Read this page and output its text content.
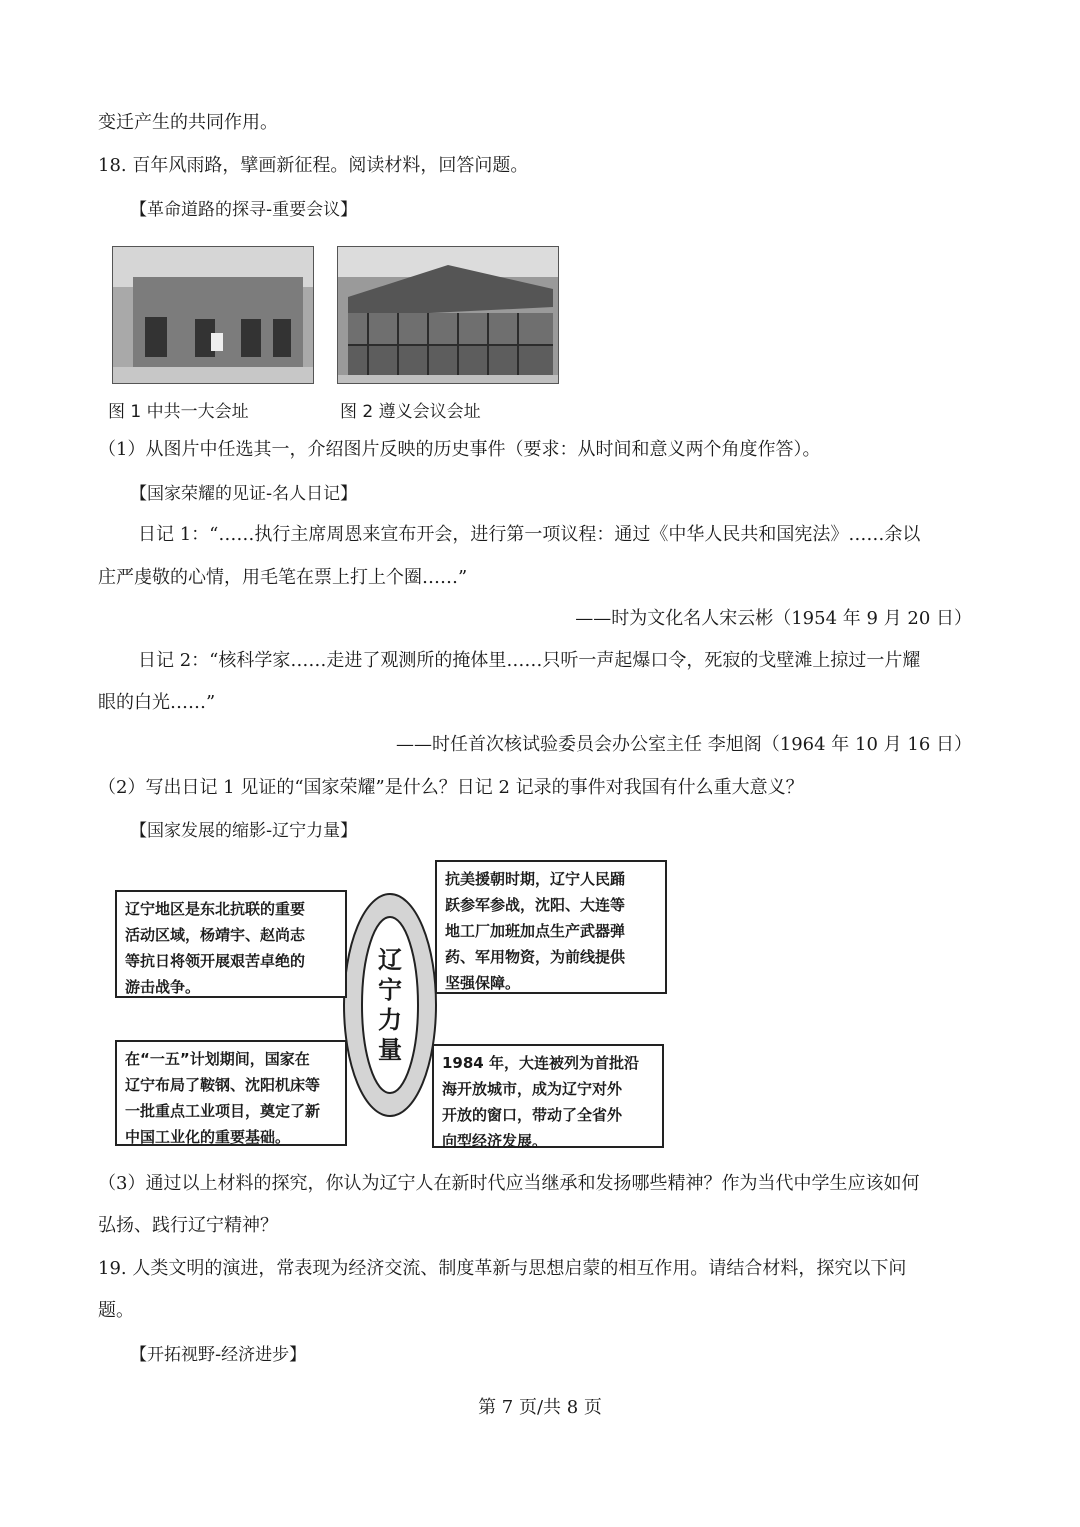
变迁产生的共同作用。
18. 百年风雨路，擘画新征程。阅读材料，回答问题。
【革命道路的探寻-重要会议】
图 1 中共一大会址	图 2 遵义会议会址
（1）从图片中任选其一，介绍图片反映的历史事件（要求：从时间和意义两个角度作答）。
【国家荣耀的见证-名人日记】
日记 1：“……执行主席周恩来宣布开会，进行第一项议程：通过《中华人民共和国宪法》……余以
庄严虔敬的心情，用毛笔在票上打上个圈……”
——时为文化名人宋云彬（1954 年 9 月 20 日）
日记 2：“核科学家……走进了观测所的掩体里……只听一声起爆口令，死寂的戈壁滩上掠过一片耀
眼的白光……”
——时任首次核试验委员会办公室主任 李旭阁（1964 年 10 月 16 日）
（2）写出日记 1 见证的“国家荣耀”是什么？日记 2 记录的事件对我国有什么重大意义？
【国家发展的缩影-辽宁力量】
辽
宁
力
量
辽宁地区是东北抗联的重要
活动区域，杨靖宇、赵尚志
等抗日将领开展艰苦卓绝的
游击战争。
抗美援朝时期，辽宁人民踊
跃参军参战，沈阳、大连等
地工厂加班加点生产武器弹
药、军用物资，为前线提供
坚强保障。
在“一五”计划期间，国家在
辽宁布局了鞍钢、沈阳机床等
一批重点工业项目，奠定了新
中国工业化的重要基础。
1984 年，大连被列为首批沿
海开放城市，成为辽宁对外
开放的窗口，带动了全省外
向型经济发展。
（3）通过以上材料的探究，你认为辽宁人在新时代应当继承和发扬哪些精神？作为当代中学生应该如何
弘扬、践行辽宁精神？
19. 人类文明的演进，常表现为经济交流、制度革新与思想启蒙的相互作用。请结合材料，探究以下问
题。
【开拓视野-经济进步】
第 7 页/共 8 页
